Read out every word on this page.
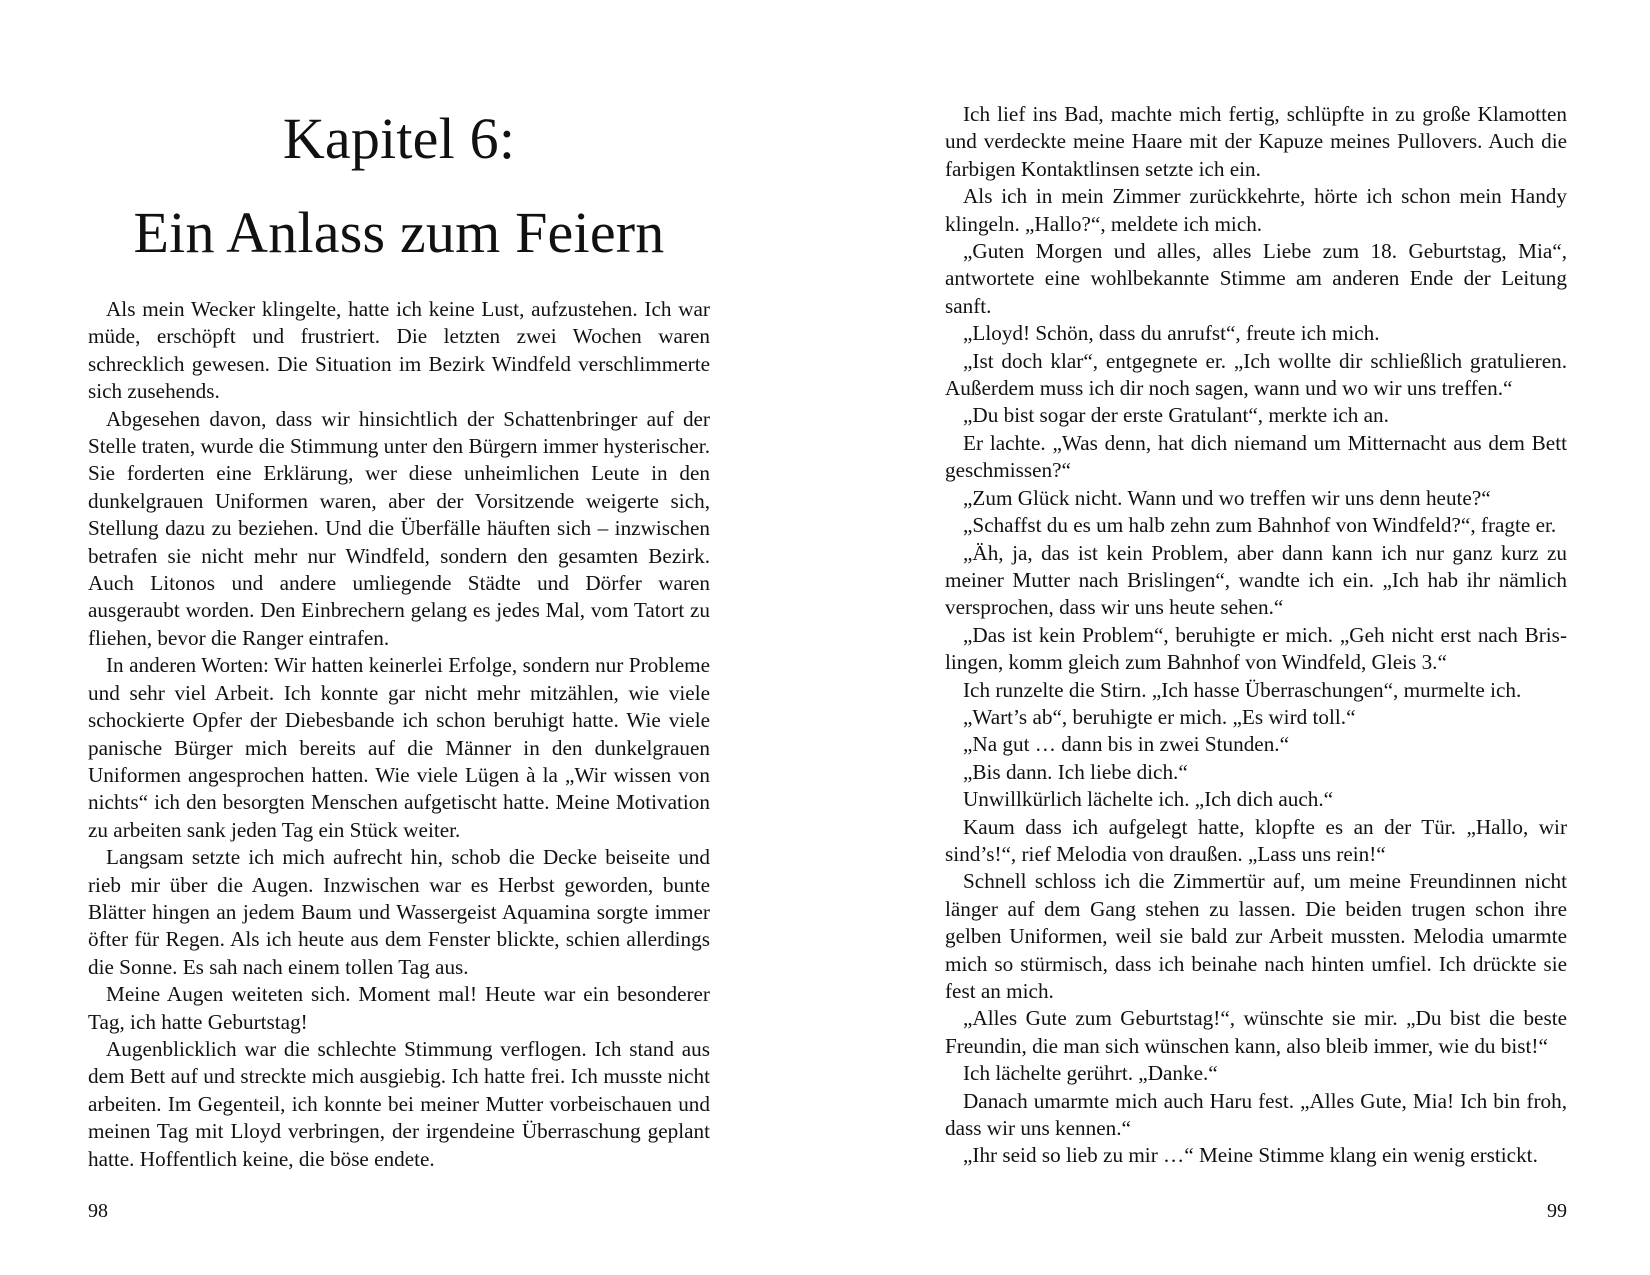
Kapitel 6:
Ein Anlass zum Feiern

Als mein Wecker klingelte, hatte ich keine Lust, aufzustehen. Ich war müde, erschöpft und frustriert. Die letzten zwei Wochen waren schrecklich gewesen. Die Situation im Bezirk Windfeld verschlimmerte sich zusehends.

Abgesehen davon, dass wir hinsichtlich der Schattenbringer auf der Stelle traten, wurde die Stimmung unter den Bürgern immer hysterischer. Sie forderten eine Erklärung, wer diese unheimlichen Leute in den dunkelgrauen Uniformen waren, aber der Vorsitzende weigerte sich, Stellung dazu zu beziehen. Und die Überfälle häuften sich – inzwischen betrafen sie nicht mehr nur Windfeld, sondern den gesamten Bezirk. Auch Litonos und andere umliegende Städte und Dörfer waren ausgeraubt worden. Den Einbrechern gelang es jedes Mal, vom Tatort zu fliehen, bevor die Ranger eintrafen.

In anderen Worten: Wir hatten keinerlei Erfolge, sondern nur Probleme und sehr viel Arbeit. Ich konnte gar nicht mehr mitzählen, wie viele schockierte Opfer der Diebesbande ich schon beruhigt hatte. Wie viele panische Bürger mich bereits auf die Männer in den dunkelgrauen Uniformen angesprochen hatten. Wie viele Lügen à la „Wir wissen von nichts“ ich den besorgten Menschen aufgetischt hatte. Meine Motivation zu arbeiten sank jeden Tag ein Stück weiter.

Langsam setzte ich mich aufrecht hin, schob die Decke beiseite und rieb mir über die Augen. Inzwischen war es Herbst geworden, bunte Blätter hingen an jedem Baum und Wassergeist Aquamina sorgte immer öfter für Regen. Als ich heute aus dem Fenster blickte, schien allerdings die Sonne. Es sah nach einem tollen Tag aus.

Meine Augen weiteten sich. Moment mal! Heute war ein besonderer Tag, ich hatte Geburtstag!

Augenblicklich war die schlechte Stimmung verflogen. Ich stand aus dem Bett auf und streckte mich ausgiebig. Ich hatte frei. Ich musste nicht arbeiten. Im Gegenteil, ich konnte bei meiner Mutter vorbeischauen und meinen Tag mit Lloyd verbringen, der irgendeine Überraschung geplant hatte. Hoffentlich keine, die böse endete.

98

Ich lief ins Bad, machte mich fertig, schlüpfte in zu große Klamotten und verdeckte meine Haare mit der Kapuze meines Pullovers. Auch die farbigen Kontaktlinsen setzte ich ein.

Als ich in mein Zimmer zurückkehrte, hörte ich schon mein Handy klingeln. „Hallo?“, meldete ich mich.

„Guten Morgen und alles, alles Liebe zum 18. Geburtstag, Mia“, antwortete eine wohlbekannte Stimme am anderen Ende der Leitung sanft.

„Lloyd! Schön, dass du anrufst“, freute ich mich.

„Ist doch klar“, entgegnete er. „Ich wollte dir schließlich gratulieren. Außerdem muss ich dir noch sagen, wann und wo wir uns treffen.“

„Du bist sogar der erste Gratulant“, merkte ich an.

Er lachte. „Was denn, hat dich niemand um Mitternacht aus dem Bett geschmissen?“

„Zum Glück nicht. Wann und wo treffen wir uns denn heute?“

„Schaffst du es um halb zehn zum Bahnhof von Windfeld?“, fragte er.

„Äh, ja, das ist kein Problem, aber dann kann ich nur ganz kurz zu meiner Mutter nach Brislingen“, wandte ich ein. „Ich hab ihr nämlich versprochen, dass wir uns heute sehen.“

„Das ist kein Problem“, beruhigte er mich. „Geh nicht erst nach Brislingen, komm gleich zum Bahnhof von Windfeld, Gleis 3.“

Ich runzelte die Stirn. „Ich hasse Überraschungen“, murmelte ich.

„Wart’s ab“, beruhigte er mich. „Es wird toll.“

„Na gut … dann bis in zwei Stunden.“

„Bis dann. Ich liebe dich.“

Unwillkürlich lächelte ich. „Ich dich auch.“

Kaum dass ich aufgelegt hatte, klopfte es an der Tür. „Hallo, wir sind’s!“, rief Melodia von draußen. „Lass uns rein!“

Schnell schloss ich die Zimmertür auf, um meine Freundinnen nicht länger auf dem Gang stehen zu lassen. Die beiden trugen schon ihre gelben Uniformen, weil sie bald zur Arbeit mussten. Melodia umarmte mich so stürmisch, dass ich beinahe nach hinten umfiel. Ich drückte sie fest an mich.

„Alles Gute zum Geburtstag!“, wünschte sie mir. „Du bist die beste Freundin, die man sich wünschen kann, also bleib immer, wie du bist!“

Ich lächelte gerührt. „Danke.“

Danach umarmte mich auch Haru fest. „Alles Gute, Mia! Ich bin froh, dass wir uns kennen.“

„Ihr seid so lieb zu mir …“ Meine Stimme klang ein wenig erstickt.

99
